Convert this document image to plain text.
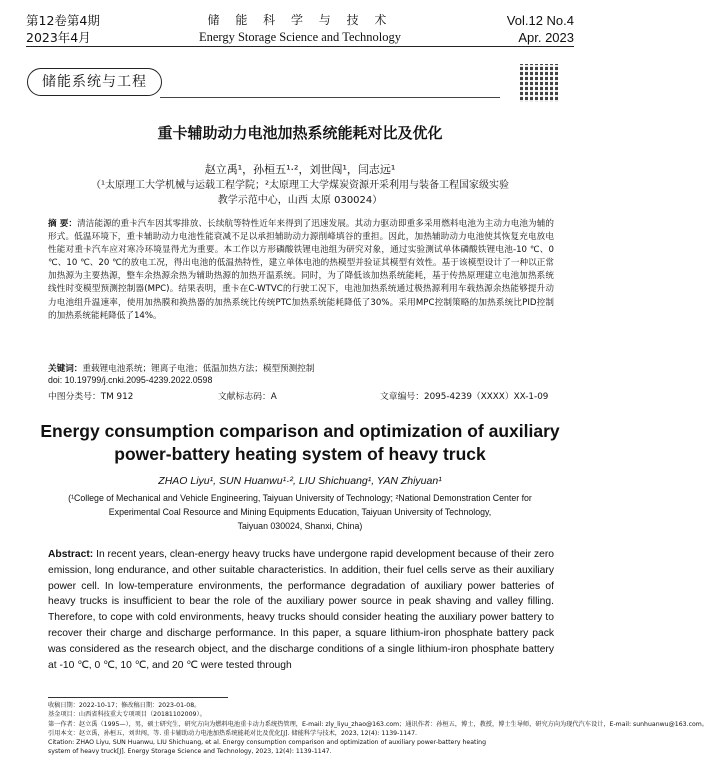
第12卷第4期
2023年4月
储 能 科 学 与 技 术
Energy Storage Science and Technology
Vol.12 No.4
Apr. 2023
储能系统与工程
重卡辅助动力电池加热系统能耗对比及优化
赵立禹¹，孙桓五¹·²，刘世闯¹，闫志远¹
（¹太原理工大学机械与运载工程学院；²太原理工大学煤炭资源开采利用与装备工程国家级实验
教学示范中心，山西 太原 030024）
摘 要：清洁能源的重卡汽车因其零排放、长续航等特性近年来得到了迅速发展。其动力驱动即重多采用燃料电池为主动力电池为辅的形式。低温环境下，重卡辅助动力电池性能衰减不足以承担辅助动力源削峰填谷的重担。因此，加热辅助动力电池使其恢复充电放电性能对重卡汽车应对寒冷环境显得尤为重要。本工作以方形磷酸铁锂电池组为研究对象，通过实验测试单体磷酸铁锂电池-10 ℃、0 ℃、10 ℃、20 ℃的放电工况，得出电池的低温热特性，建立单体电池的热模型并验证其模型有效性。基于该模型设计了一种以正常加热源为主要热源，整车余热源余热为辅助热源的加热开温系统。同时，为了降低该加热系统能耗，基于传热原理建立电池加热系统线性时变模型预测控制器(MPC)。结果表明，重卡在C-WTVC的行驶工况下，电池加热系统通过极热源利用车载热源余热能够提升动力电池组升温速率，使用加热膜和换热器的加热系统比传统PTC加热系统能耗降低了30%。采用MPC控制策略的加热系统比PID控制的加热系统能耗降低了14%。
关键词：重载锂电池系统；锂离子电池；低温加热方法；模型预测控制
doi: 10.19799/j.cnki.2095-4239.2022.0598
中图分类号：TM 912	文献标志码：A	文章编号：2095-4239（XXXX）XX-1-09
Energy consumption comparison and optimization of auxiliary
power-battery heating system of heavy truck
ZHAO Liyu¹, SUN Huanwu¹·², LIU Shichuang¹, YAN Zhiyuan¹
(¹College of Mechanical and Vehicle Engineering, Taiyuan University of Technology; ²National Demonstration Center for
Experimental Coal Resource and Mining Equipments Education, Taiyuan University of Technology,
Taiyuan 030024, Shanxi, China)
Abstract: In recent years, clean-energy heavy trucks have undergone rapid development because of their zero emission, long endurance, and other suitable characteristics. In addition, their fuel cells serve as their auxiliary power cell. In low-temperature environments, the performance degradation of auxiliary power batteries of heavy trucks is insufficient to bear the role of the auxiliary power source in peak shaving and valley filling. Therefore, to cope with cold environments, heavy trucks should consider heating the auxiliary power battery to recover their charge and discharge performance. In this paper, a square lithium-iron phosphate battery pack was considered as the research object, and the discharge conditions of a single lithium-iron phosphate battery at -10 ℃, 0 ℃, 10 ℃, and 20 ℃ were tested through
收稿日期：2022-10-17；修改稿日期：2023-01-08。
基金项目：山西省科技重大专项项目（20181102009）。
第一作者：赵立禹（1995—），男，硕士研究生，研究方向为燃料电池重卡动力系统热管理，E-mail: zly_liyu_zhao@163.com；通讯作者：孙桓五，博士，教授，博士生导师，研究方向为现代汽车设计，E-mail: sunhuanwu@163.com。
引用本文：赵立禹，孙桓五，刘世闯，等. 重卡辅助动力电池加热系统能耗对比及优化[J]. 储能科学与技术，2023, 12(4): 1139-1147.
Citation: ZHAO Liyu, SUN Huanwu, LIU Shichuang, et al. Energy consumption comparison and optimization of auxiliary power-battery heating
system of heavy truck[J]. Energy Storage Science and Technology, 2023, 12(4): 1139-1147.
